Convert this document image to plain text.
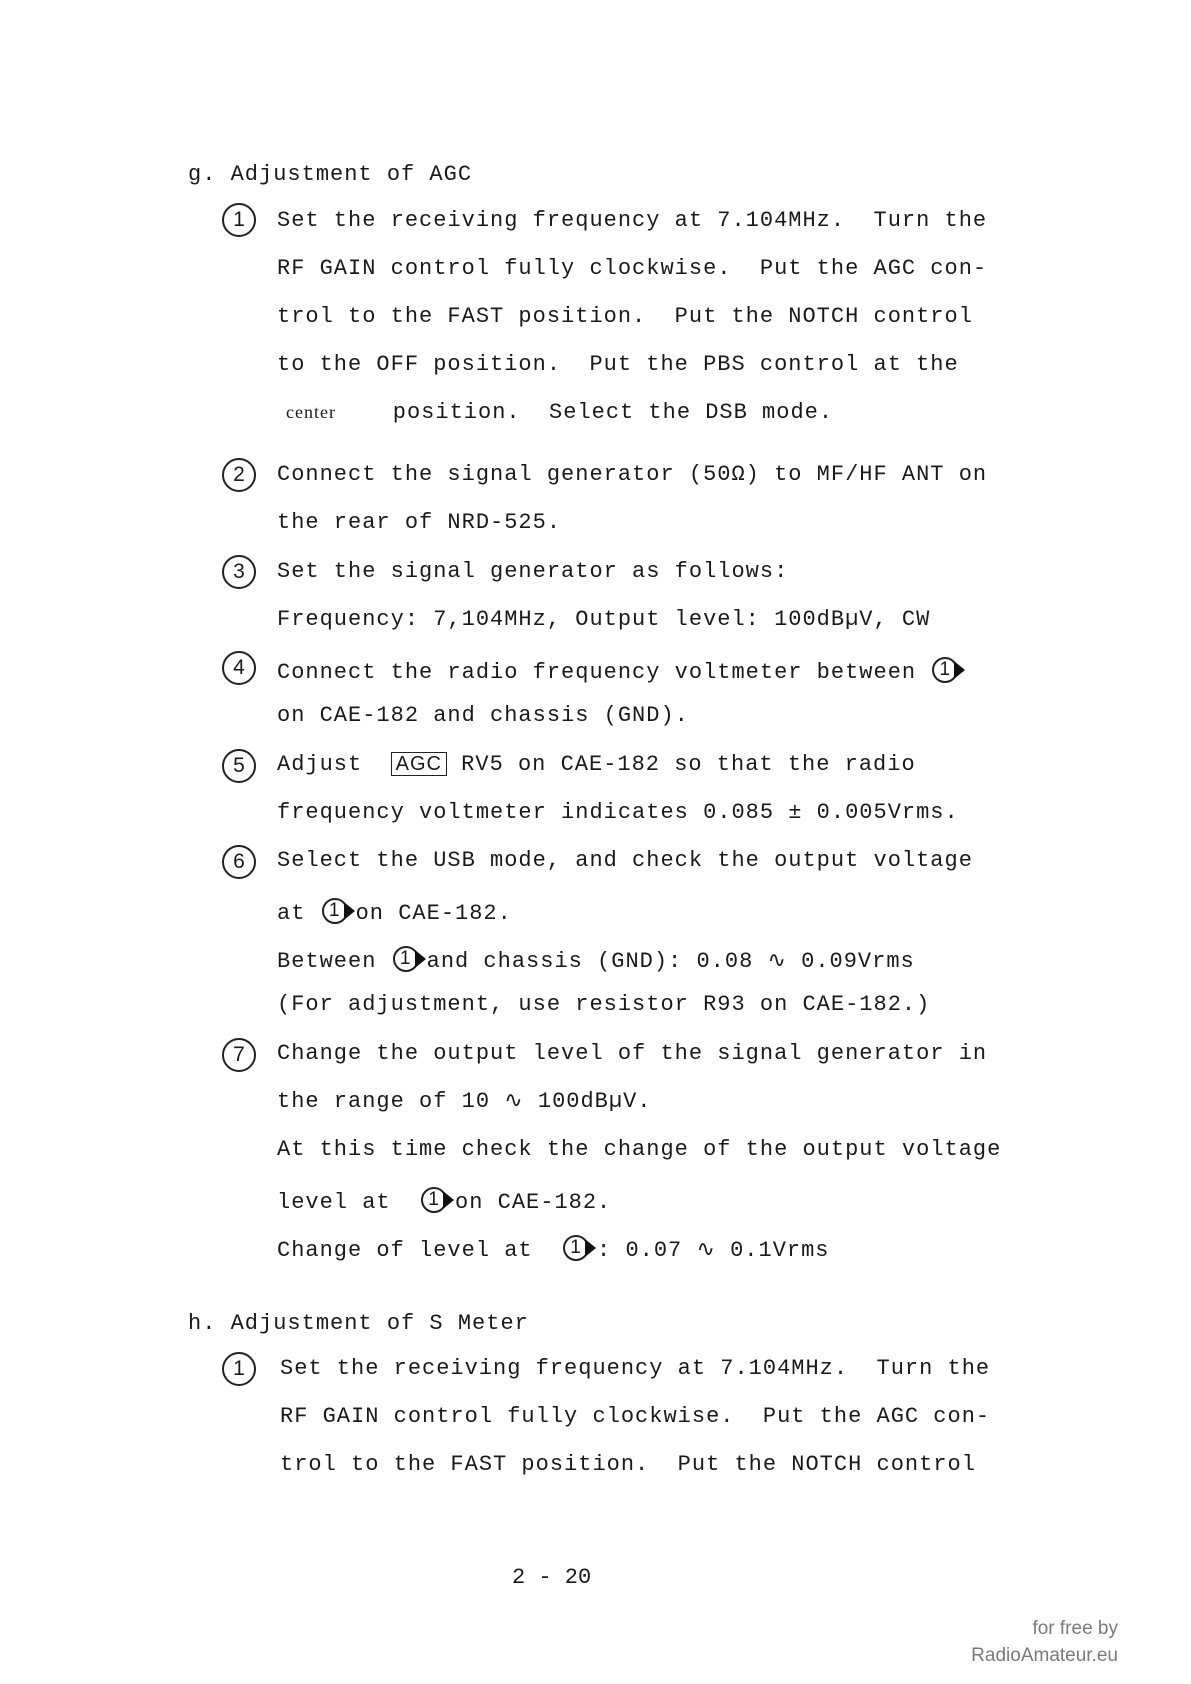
g. Adjustment of AGC
1	Set the receiving frequency at 7.104MHz.  Turn the
RF GAIN control fully clockwise.  Put the AGC con-
trol to the FAST position.  Put the NOTCH control
to the OFF position.  Put the PBS control at the
center	position.  Select the DSB mode.
2	Connect the signal generator (50Ω) to MF/HF ANT on
the rear of NRD-525.
3	Set the signal generator as follows:
Frequency: 7,104MHz, Output level: 100dBµV, CW
4	Connect the radio frequency voltmeter between	1
on CAE-182 and chassis (GND).
5	Adjust AGC RV5 on CAE-182 so that the radio
frequency voltmeter indicates 0.085 ± 0.005Vrms.
6	Select the USB mode, and check the output voltage
at	1 on CAE-182.
Between	1 and chassis (GND): 0.08 ∿ 0.09Vrms
(For adjustment, use resistor R93 on CAE-182.)
7	Change the output level of the signal generator in
the range of 10 ∿ 100dBµV.
At this time check the change of the output voltage
level at	1 on CAE-182.
Change of level at	1 : 0.07 ∿ 0.1Vrms
h. Adjustment of S Meter
1	Set the receiving frequency at 7.104MHz.  Turn the
RF GAIN control fully clockwise.  Put the AGC con-
trol to the FAST position.  Put the NOTCH control
2 - 20
for free by
RadioAmateur.eu
